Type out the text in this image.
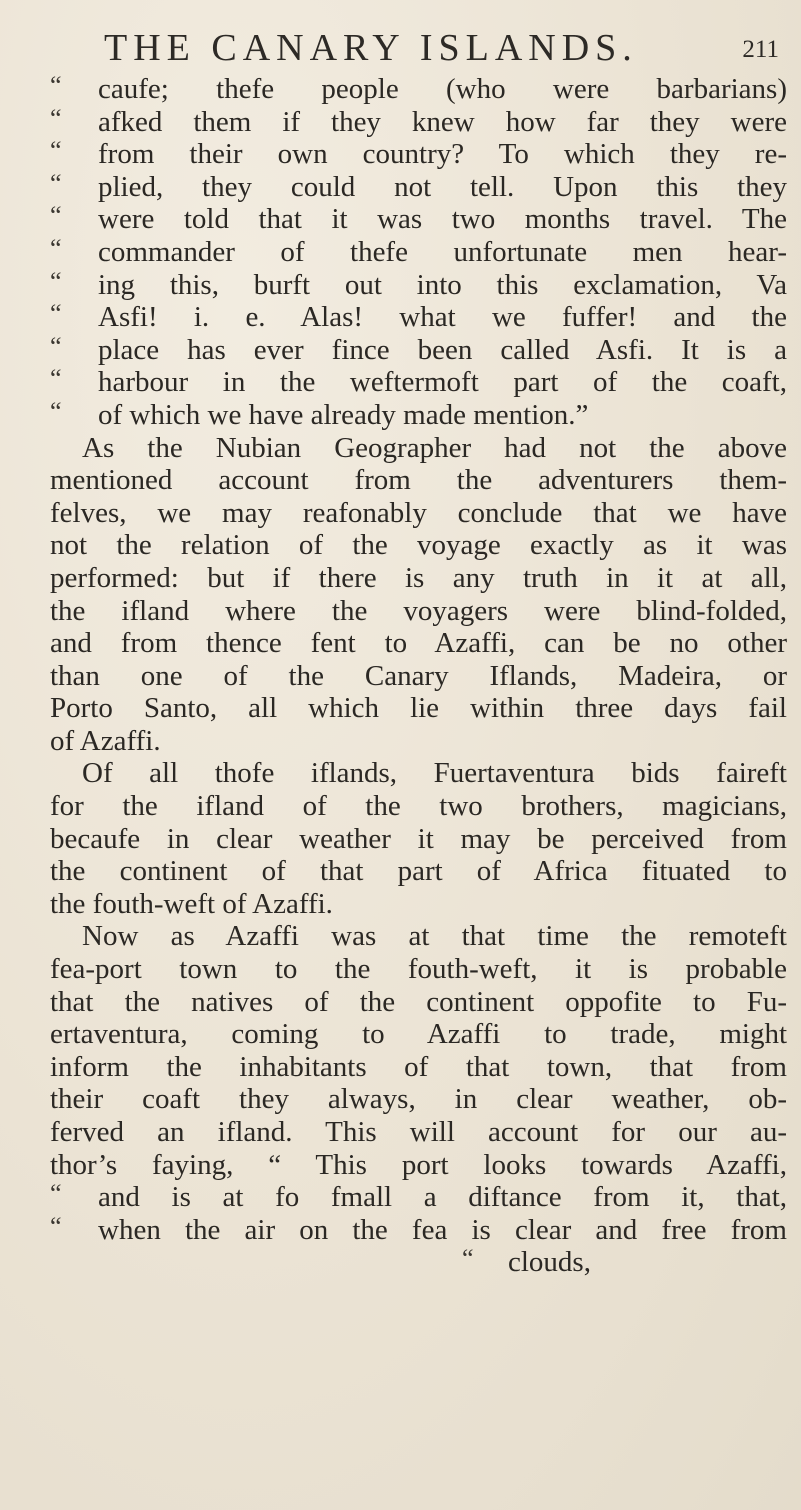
THE CANARY ISLANDS.	211
“ caufe; thefe people (who were barbarians)
“ afked them if they knew how far they were
“ from their own country? To which they re-
“ plied, they could not tell. Upon this they
“ were told that it was two months travel. The
“ commander of thefe unfortunate men hear-
“ ing this, burft out into this exclamation, Va
“ Asfi! i. e. Alas! what we fuffer! and the
“ place has ever fince been called Asfi. It is a
“ harbour in the weftermoft part of the coaft,
“ of which we have already made mention.”
As the Nubian Geographer had not the above
mentioned account from the adventurers them-
felves, we may reafonably conclude that we have
not the relation of the voyage exactly as it was
performed: but if there is any truth in it at all,
the ifland where the voyagers were blind-folded,
and from thence fent to Azaffi, can be no other
than one of the Canary Iflands, Madeira, or
Porto Santo, all which lie within three days fail
of Azaffi.
Of all thofe iflands, Fuertaventura bids faireft
for the ifland of the two brothers, magicians,
becaufe in clear weather it may be perceived from
the continent of that part of Africa fituated to
the fouth-weft of Azaffi.
Now as Azaffi was at that time the remoteft
fea-port town to the fouth-weft, it is probable
that the natives of the continent oppofite to Fu-
ertaventura, coming to Azaffi to trade, might
inform the inhabitants of that town, that from
their coaft they always, in clear weather, ob-
ferved an ifland. This will account for our au-
thor’s faying, “ This port looks towards Azaffi,
“ and is at fo fmall a diftance from it, that,
“ when the air on the fea is clear and free from
“ clouds,
